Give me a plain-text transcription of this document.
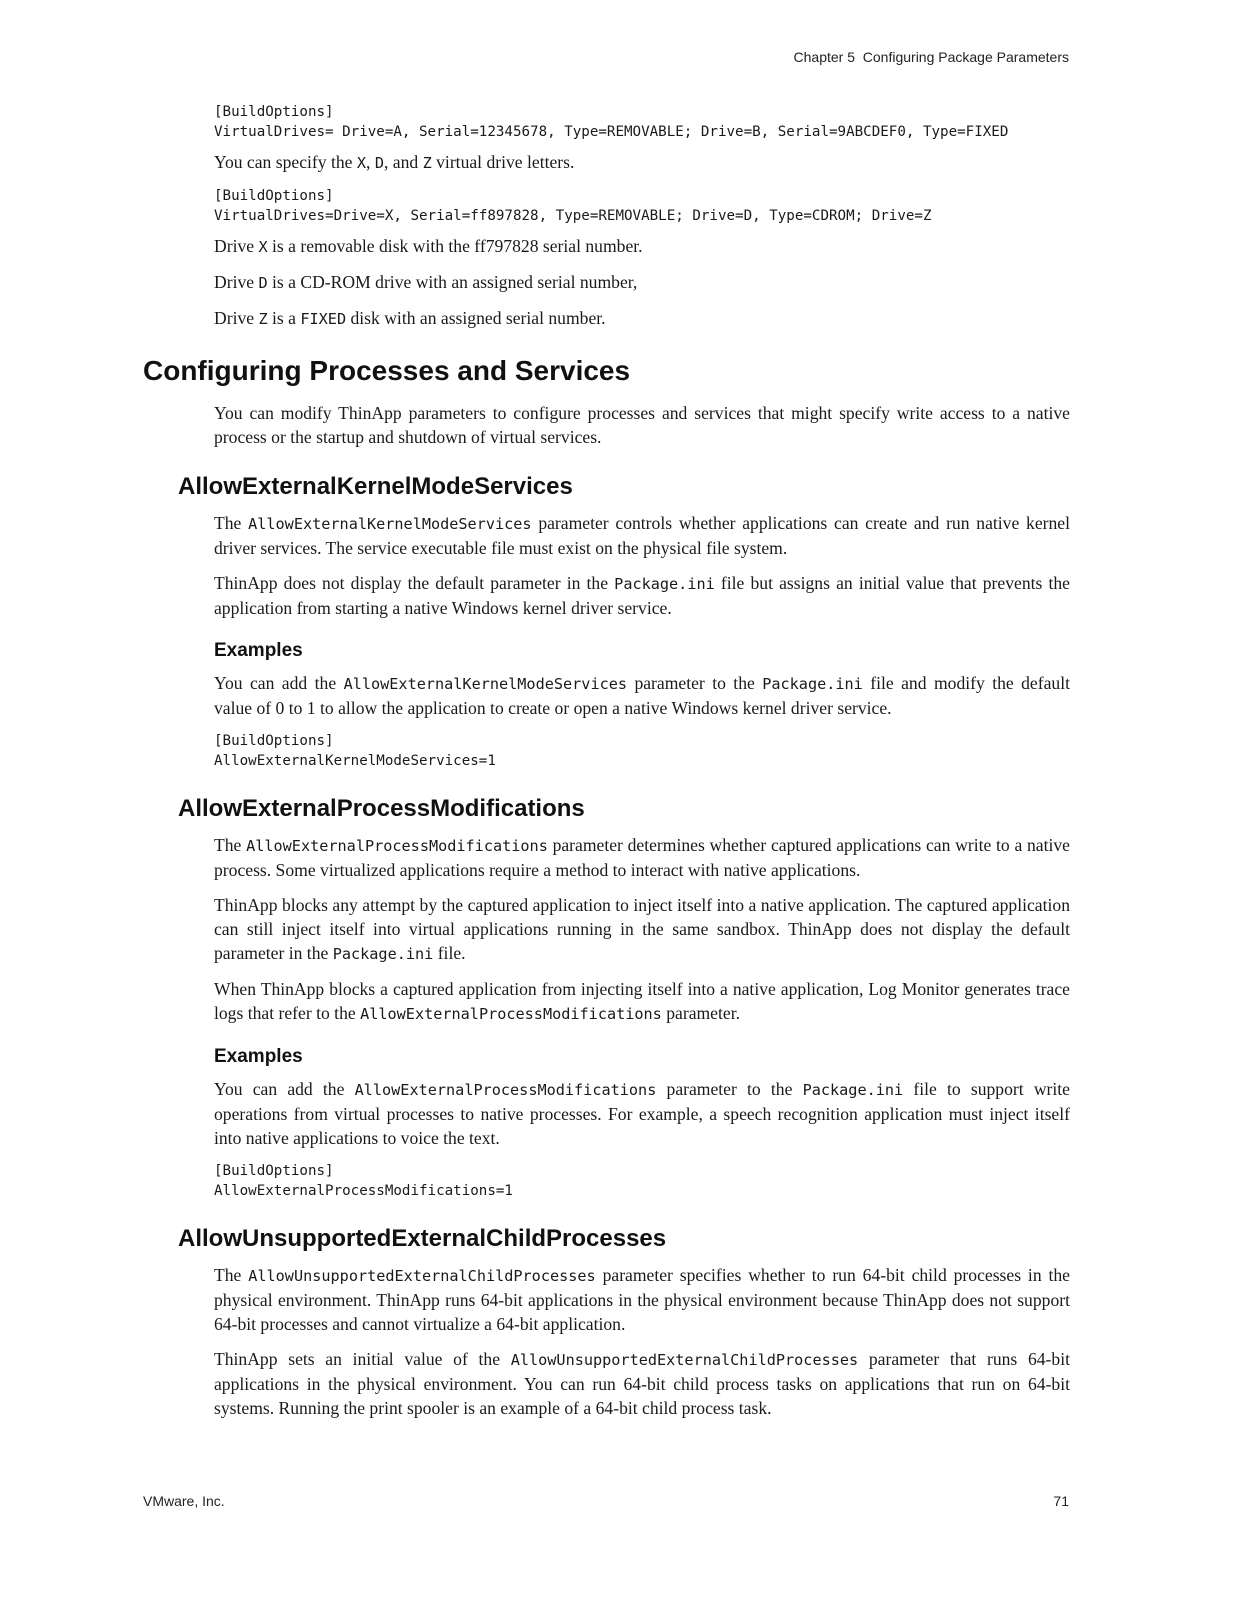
Chapter 5  Configuring Package Parameters
[BuildOptions]
VirtualDrives= Drive=A, Serial=12345678, Type=REMOVABLE; Drive=B, Serial=9ABCDEF0, Type=FIXED

You can specify the X, D, and Z virtual drive letters.

[BuildOptions]
VirtualDrives=Drive=X, Serial=ff897828, Type=REMOVABLE; Drive=D, Type=CDROM; Drive=Z

Drive X is a removable disk with the ff797828 serial number.

Drive D is a CD-ROM drive with an assigned serial number,

Drive Z is a FIXED disk with an assigned serial number.

Configuring Processes and Services

You can modify ThinApp parameters to configure processes and services that might specify write access to a native process or the startup and shutdown of virtual services.

AllowExternalKernelModeServices

The AllowExternalKernelModeServices parameter controls whether applications can create and run native kernel driver services. The service executable file must exist on the physical file system.

ThinApp does not display the default parameter in the Package.ini file but assigns an initial value that prevents the application from starting a native Windows kernel driver service.

Examples

You can add the AllowExternalKernelModeServices parameter to the Package.ini file and modify the default value of 0 to 1 to allow the application to create or open a native Windows kernel driver service.

[BuildOptions]
AllowExternalKernelModeServices=1
AllowExternalProcessModifications

The AllowExternalProcessModifications parameter determines whether captured applications can write to a native process. Some virtualized applications require a method to interact with native applications.

ThinApp blocks any attempt by the captured application to inject itself into a native application. The captured application can still inject itself into virtual applications running in the same sandbox. ThinApp does not display the default parameter in the Package.ini file.

When ThinApp blocks a captured application from injecting itself into a native application, Log Monitor generates trace logs that refer to the AllowExternalProcessModifications parameter.

Examples

You can add the AllowExternalProcessModifications parameter to the Package.ini file to support write operations from virtual processes to native processes. For example, a speech recognition application must inject itself into native applications to voice the text.

[BuildOptions]
AllowExternalProcessModifications=1
AllowUnsupportedExternalChildProcesses

The AllowUnsupportedExternalChildProcesses parameter specifies whether to run 64-bit child processes in the physical environment. ThinApp runs 64-bit applications in the physical environment because ThinApp does not support 64-bit processes and cannot virtualize a 64-bit application.

ThinApp sets an initial value of the AllowUnsupportedExternalChildProcesses parameter that runs 64-bit applications in the physical environment. You can run 64-bit child process tasks on applications that run on 64-bit systems. Running the print spooler is an example of a 64-bit child process task.

VMware, Inc.	71
